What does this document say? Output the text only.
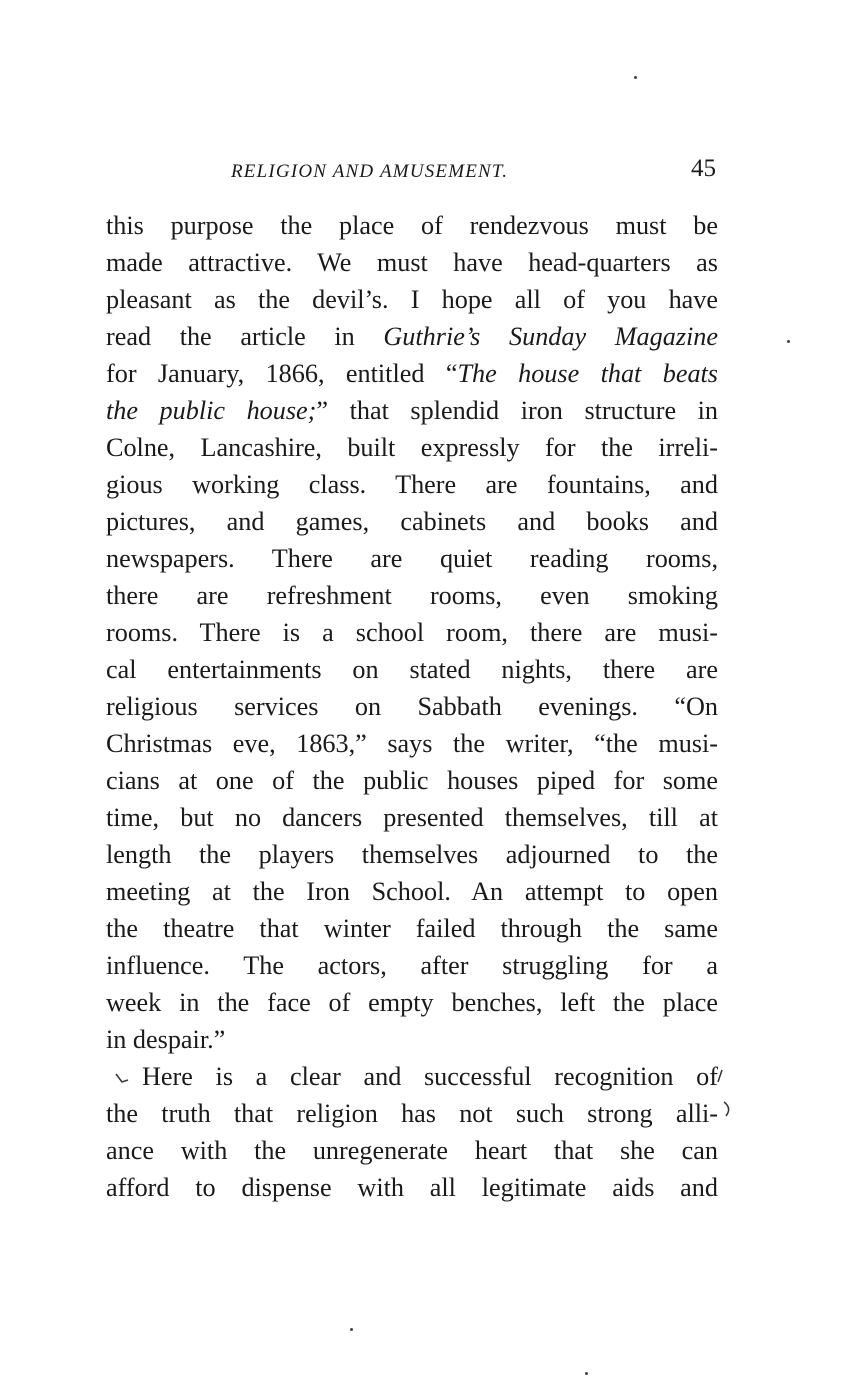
RELIGION AND AMUSEMENT.	45

this purpose the place of rendezvous must be
made attractive. We must have head-quarters as
pleasant as the devil’s. I hope all of you have
read the article in Guthrie’s Sunday Magazine
for January, 1866, entitled “The house that beats
the public house;” that splendid iron structure in
Colne, Lancashire, built expressly for the irreli-
gious working class. There are fountains, and
pictures, and games, cabinets and books and
newspapers. There are quiet reading rooms,
there are refreshment rooms, even smoking
rooms. There is a school room, there are musi-
cal entertainments on stated nights, there are
religious services on Sabbath evenings. “On
Christmas eve, 1863,” says the writer, “the musi-
cians at one of the public houses piped for some
time, but no dancers presented themselves, till at
length the players themselves adjourned to the
meeting at the Iron School. An attempt to open
the theatre that winter failed through the same
influence. The actors, after struggling for a
week in the face of empty benches, left the place
in despair.”

Here is a clear and successful recognition of
the truth that religion has not such strong alli-
ance with the unregenerate heart that she can
afford to dispense with all legitimate aids and
